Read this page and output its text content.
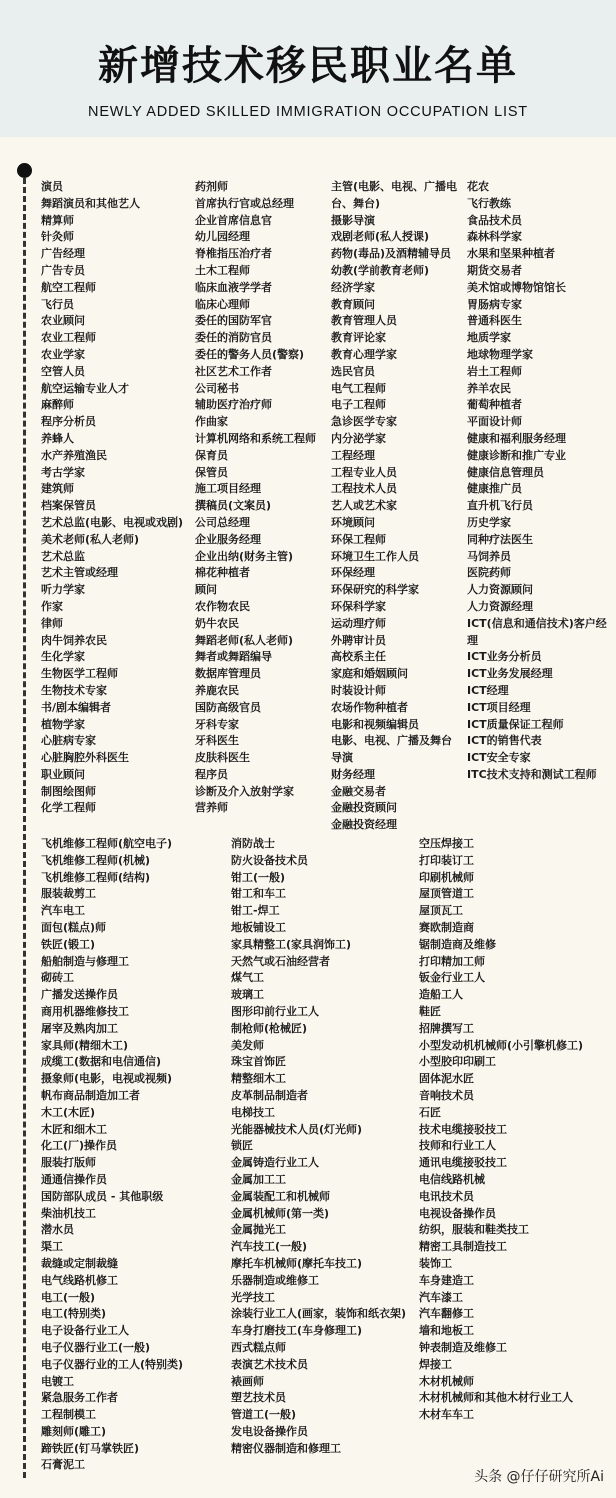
新增技术移民职业名单
NEWLY ADDED SKILLED IMMIGRATION OCCUPATION LIST
演员
舞蹈演员和其他艺人
精算师
针灸师
广告经理
广告专员
航空工程师
飞行员
农业顾问
农业工程师
农业学家
空管人员
航空运输专业人才
麻醉师
程序分析员
养蜂人
水产养殖渔民
考古学家
建筑师
档案保管员
艺术总监(电影、电视或戏剧)
美术老师(私人老师)
艺术总监
艺术主管或经理
听力学家
作家
律师
肉牛饲养农民
生化学家
生物医学工程师
生物技术专家
书/剧本编辑者
植物学家
心脏病专家
心脏胸腔外科医生
职业顾问
制图绘图师
化学工程师
药剂师
首席执行官或总经理
企业首席信息官
幼儿园经理
脊椎指压治疗者
土木工程师
临床血液学学者
临床心理师
委任的国防军官
委任的消防官员
委任的警务人员(警察)
社区艺术工作者
公司秘书
辅助医疗治疗师
作曲家
计算机网络和系统工程师
保育员
保管员
施工项目经理
撰稿员(文案员)
公司总经理
企业服务经理
企业出纳(财务主管)
棉花种植者
顾问
农作物农民
奶牛农民
舞蹈老师(私人老师)
舞者或舞蹈编导
数据库管理员
养鹿农民
国防高级官员
牙科专家
牙科医生
皮肤科医生
程序员
诊断及介入放射学家
营养师
主管(电影、电视、广播电台、舞台)
摄影导演
戏剧老师(私人授课)
药物(毒品)及酒精辅导员
幼教(学前教育老师)
经济学家
教育顾问
教育管理人员
教育评论家
教育心理学家
选民官员
电气工程师
电子工程师
急诊医学专家
内分泌学家
工程经理
工程专业人员
工程技术人员
艺人或艺术家
环境顾问
环保工程师
环境卫生工作人员
环保经理
环保研究的科学家
环保科学家
运动理疗师
外聘审计员
高校系主任
家庭和婚姻顾问
时装设计师
农场作物种植者
电影和视频编辑员
电影、电视、广播及舞台导演
财务经理
金融交易者
金融投资顾问
金融投资经理
花农
飞行教练
食品技术员
森林科学家
水果和坚果种植者
期货交易者
美术馆或博物馆馆长
胃肠病专家
普通科医生
地质学家
地球物理学家
岩土工程师
养羊农民
葡萄种植者
平面设计师
健康和福利服务经理
健康诊断和推广专业
健康信息管理员
健康推广员
直升机飞行员
历史学家
同种疗法医生
马饲养员
医院药师
人力资源顾问
人力资源经理
ICT(信息和通信技术)客户经理
ICT业务分析员
ICT业务发展经理
ICT经理
ICT项目经理
ICT质量保证工程师
ICT的销售代表
ICT安全专家
ITC技术支持和测试工程师
飞机维修工程师(航空电子)
飞机维修工程师(机械)
飞机维修工程师(结构)
服装裁剪工
汽车电工
面包(糕点)师
铁匠(锻工)
船舶制造与修理工
砌砖工
广播发送操作员
商用机器维修技工
屠宰及熟肉加工
家具师(精细木工)
成缆工(数据和电信通信)
摄象师(电影，电视或视频)
帆布商品制造加工者
木工(木匠)
木匠和细木工
化工(厂)操作员
服装打版师
通通信操作员
国防部队成员 - 其他职级
柴油机技工
潜水员
渠工
裁缝或定制裁缝
电气线路机修工
电工(一般)
电工(特别类)
电子设备行业工人
电子仪器行业工(一般)
电子仪器行业的工人(特别类)
电镀工
紧急服务工作者
工程制模工
雕刻师(雕工)
蹄铁匠(钉马掌铁匠)
石膏泥工
消防战士
防火设备技术员
钳工(一般)
钳工和车工
钳工-焊工
地板铺设工
家具精整工(家具润饰工)
天然气或石油经营者
煤气工
玻璃工
图形印前行业工人
制枪师(枪械匠)
美发师
珠宝首饰匠
精整细木工
皮革制品制造者
电梯技工
光能器械技术人员(灯光师)
锁匠
金属铸造行业工人
金属加工工
金属装配工和机械师
金属机械师(第一类)
金属抛光工
汽车技工(一般)
摩托车机械师(摩托车技工)
乐器制造或维修工
光学技工
涂装行业工人(画家，装饰和纸衣架)
车身打磨技工(车身修理工)
西式糕点师
表演艺术技术员
裱画师
塑艺技术员
管道工(一般)
发电设备操作员
精密仪器制造和修理工
空压焊接工
打印装订工
印刷机械师
屋顶管道工
屋顶瓦工
赛欧制造商
锯制造商及维修
打印精加工师
钣金行业工人
造船工人
鞋匠
招牌撰写工
小型发动机机械师(小引擎机修工)
小型胶印印刷工
固体泥水匠
音响技术员
石匠
技术电缆接驳技工
技师和行业工人
通讯电缆接驳技工
电信线路机械
电讯技术员
电视设备操作员
纺织，服装和鞋类技工
精密工具制造技工
装饰工
车身建造工
汽车漆工
汽车翻修工
墙和地板工
钟表制造及维修工
焊接工
木材机械师
木材机械师和其他木材行业工人
木材车车工
头条 @仔仔研究所Ai
